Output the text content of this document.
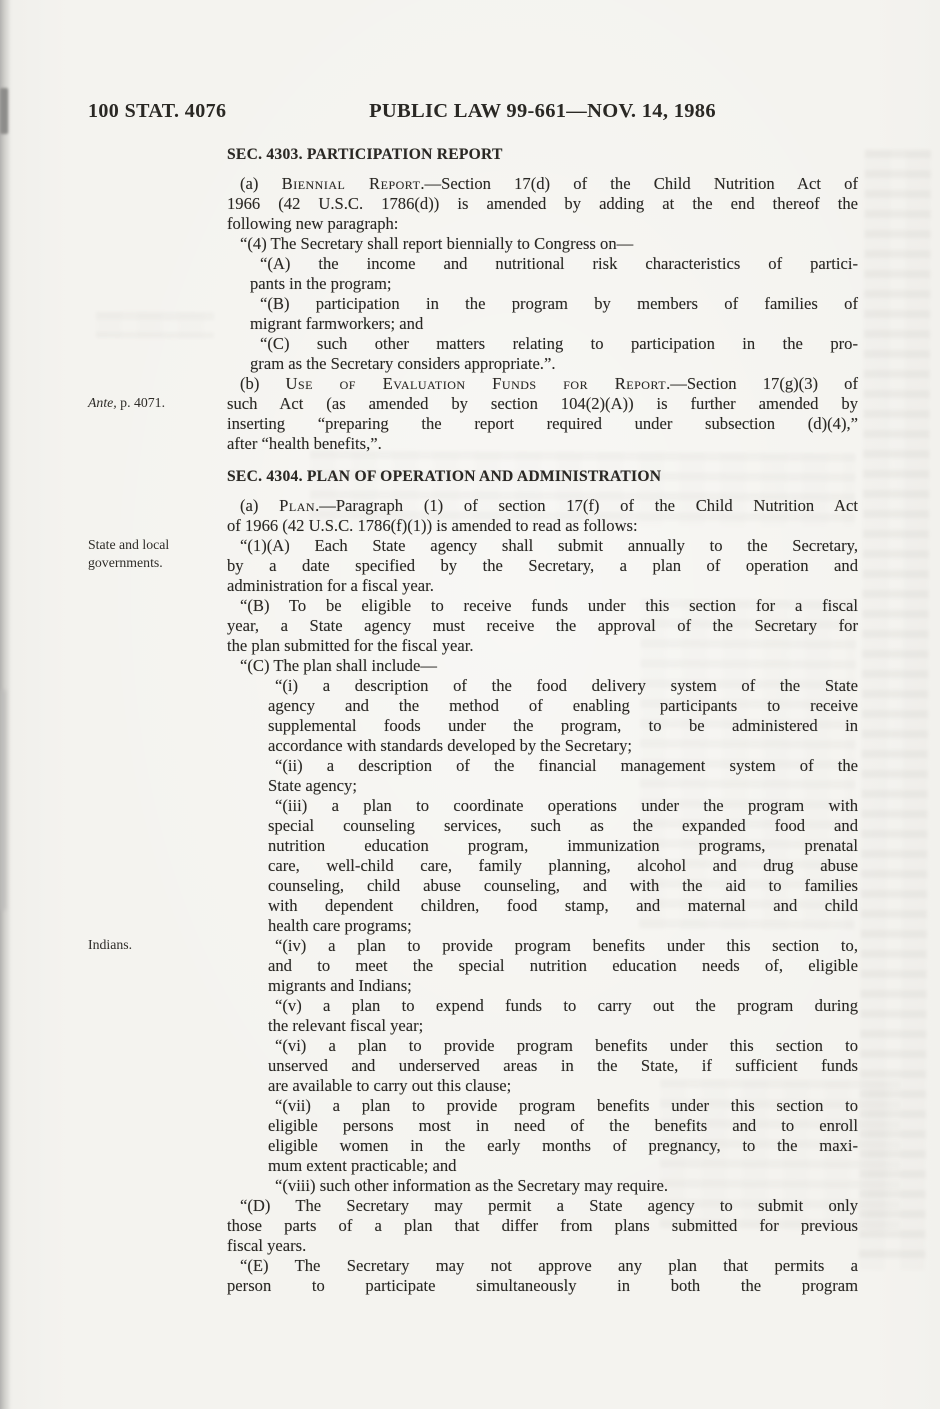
100 STAT. 4076	PUBLIC LAW 99-661—NOV. 14, 1986
SEC. 4303. PARTICIPATION REPORT
(a) Biennial Report.—Section 17(d) of the Child Nutrition Act of
1966 (42 U.S.C. 1786(d)) is amended by adding at the end thereof the
following new paragraph:
“(4) The Secretary shall report biennially to Congress on—
“(A) the income and nutritional risk characteristics of partici-
pants in the program;
“(B) participation in the program by members of families of
migrant farmworkers; and
“(C) such other matters relating to participation in the pro-
gram as the Secretary considers appropriate.”.
Ante, p. 4071.
(b) Use of Evaluation Funds for Report.—Section 17(g)(3) of
such Act (as amended by section 104(2)(A)) is further amended by
inserting “preparing the report required under subsection (d)(4),”
after “health benefits,”.
SEC. 4304. PLAN OF OPERATION AND ADMINISTRATION
(a) Plan.—Paragraph (1) of section 17(f) of the Child Nutrition Act
of 1966 (42 U.S.C. 1786(f)(1)) is amended to read as follows:
State and local governments.
“(1)(A) Each State agency shall submit annually to the Secretary,
by a date specified by the Secretary, a plan of operation and
administration for a fiscal year.
“(B) To be eligible to receive funds under this section for a fiscal
year, a State agency must receive the approval of the Secretary for
the plan submitted for the fiscal year.
“(C) The plan shall include—
“(i) a description of the food delivery system of the State
agency and the method of enabling participants to receive
supplemental foods under the program, to be administered in
accordance with standards developed by the Secretary;
“(ii) a description of the financial management system of the
State agency;
“(iii) a plan to coordinate operations under the program with
special counseling services, such as the expanded food and
nutrition education program, immunization programs, prenatal
care, well-child care, family planning, alcohol and drug abuse
counseling, child abuse counseling, and with the aid to families
with dependent children, food stamp, and maternal and child
health care programs;
Indians.	“(iv) a plan to provide program benefits under this section to,
and to meet the special nutrition education needs of, eligible
migrants and Indians;
“(v) a plan to expend funds to carry out the program during
the relevant fiscal year;
“(vi) a plan to provide program benefits under this section to
unserved and underserved areas in the State, if sufficient funds
are available to carry out this clause;
“(vii) a plan to provide program benefits under this section to
eligible persons most in need of the benefits and to enroll
eligible women in the early months of pregnancy, to the maxi-
mum extent practicable; and
“(viii) such other information as the Secretary may require.
“(D) The Secretary may permit a State agency to submit only
those parts of a plan that differ from plans submitted for previous
fiscal years.
“(E) The Secretary may not approve any plan that permits a
person to participate simultaneously in both the program
